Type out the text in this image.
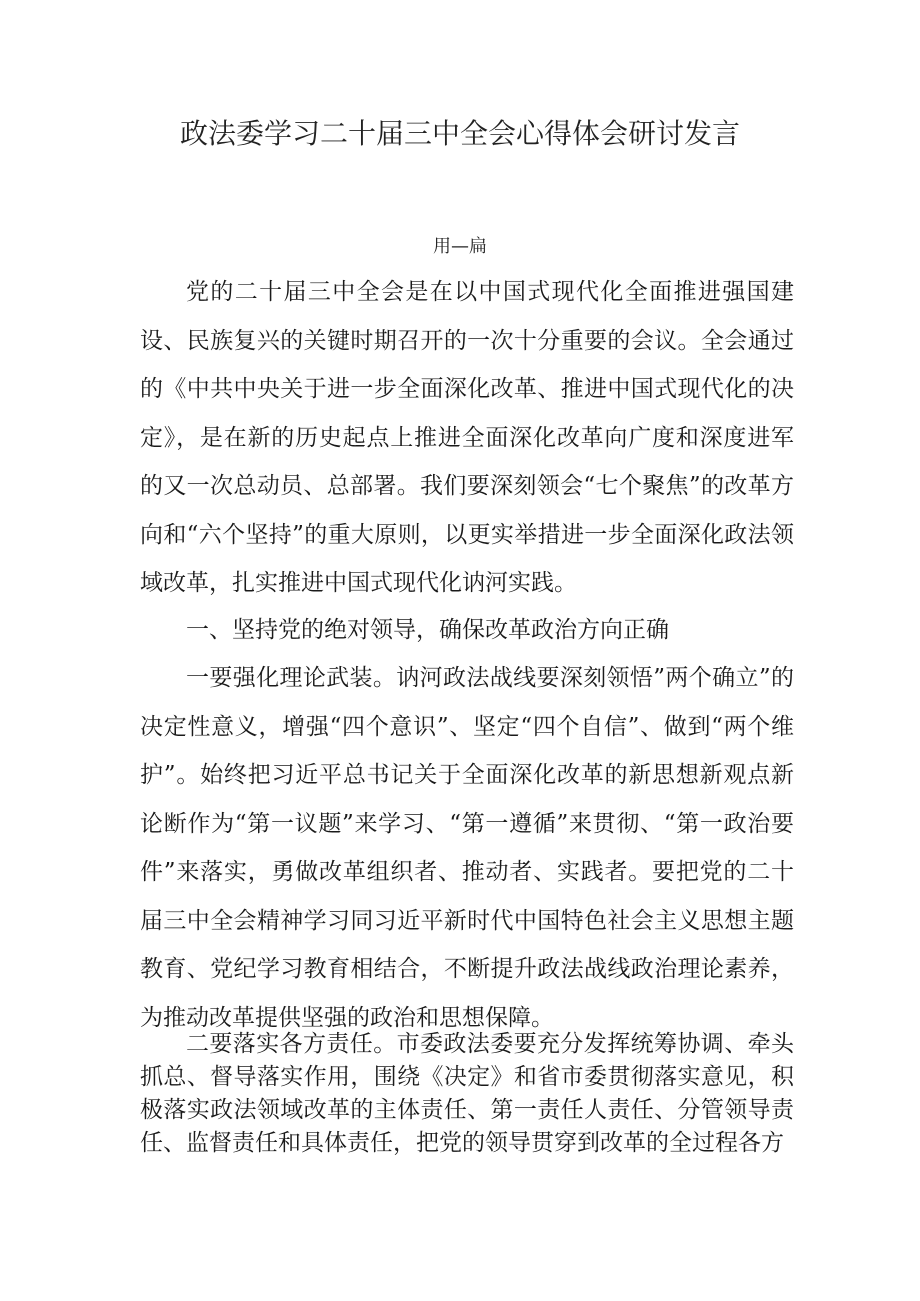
政法委学习二十届三中全会心得体会研讨发言
用—扁

党的二十届三中全会是在以中国式现代化全面推进强国建设、民族复兴的关键时期召开的一次十分重要的会议。全会通过的《中共中央关于进一步全面深化改革、推进中国式现代化的决定》，是在新的历史起点上推进全面深化改革向广度和深度进军的又一次总动员、总部署。我们要深刻领会“七个聚焦”的改革方向和“六个坚持”的重大原则，以更实举措进一步全面深化政法领域改革，扎实推进中国式现代化讷河实践。

一、坚持党的绝对领导，确保改革政治方向正确

一要强化理论武装。讷河政法战线要深刻领悟”两个确立”的决定性意义，增强“四个意识”、坚定“四个自信”、做到“两个维护”。始终把习近平总书记关于全面深化改革的新思想新观点新论断作为“第一议题”来学习、“第一遵循”来贯彻、“第一政治要件”来落实，勇做改革组织者、推动者、实践者。要把党的二十届三中全会精神学习同习近平新时代中国特色社会主义思想主题教育、党纪学习教育相结合，不断提升政法战线政治理论素养，为推动改革提供坚强的政治和思想保障。

二要落实各方责任。市委政法委要充分发挥统筹协调、牵头抓总、督导落实作用，围绕《决定》和省市委贯彻落实意见，积极落实政法领域改革的主体责任、第一责任人责任、分管领导责任、监督责任和具体责任，把党的领导贯穿到改革的全过程各方
